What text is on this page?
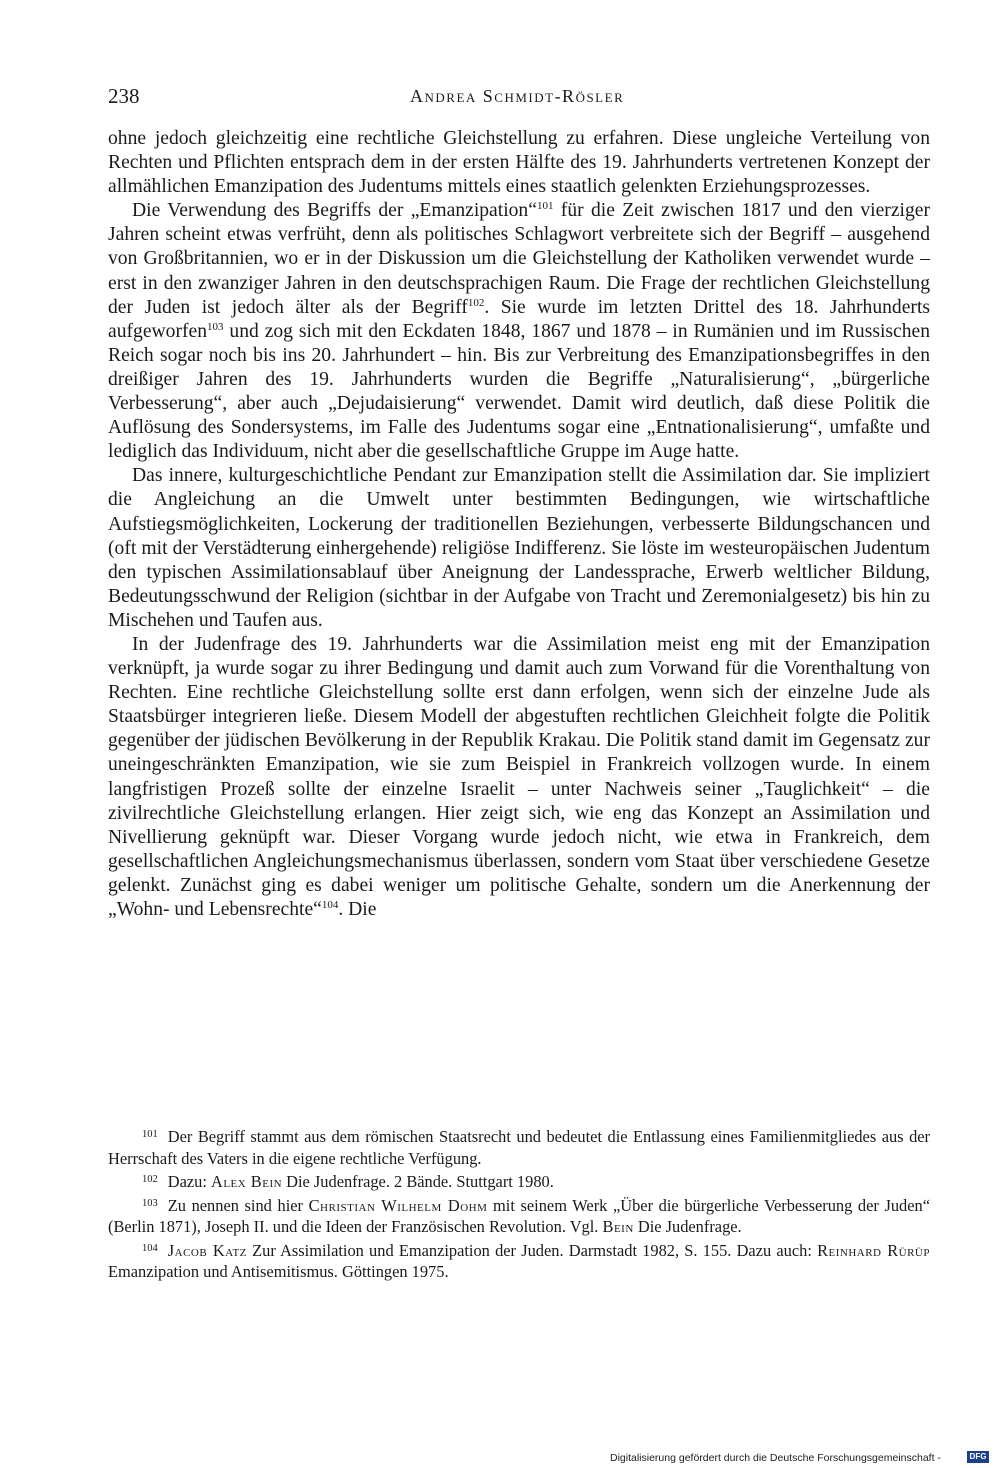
238	Andrea Schmidt-Rösler

ohne jedoch gleichzeitig eine rechtliche Gleichstellung zu erfahren. Diese ungleiche Verteilung von Rechten und Pflichten entsprach dem in der ersten Hälfte des 19. Jahrhunderts vertretenen Konzept der allmählichen Emanzipation des Judentums mittels eines staatlich gelenkten Erziehungsprozesses.

Die Verwendung des Begriffs der „Emanzipation“$^{101}$ für die Zeit zwischen 1817 und den vierziger Jahren scheint etwas verfrüht, denn als politisches Schlagwort verbreitete sich der Begriff – ausgehend von Großbritannien, wo er in der Diskussion um die Gleichstellung der Katholiken verwendet wurde – erst in den zwanziger Jahren in den deutschsprachigen Raum. Die Frage der rechtlichen Gleichstellung der Juden ist jedoch älter als der Begriff$^{102}$. Sie wurde im letzten Drittel des 18. Jahrhunderts aufgeworfen$^{103}$ und zog sich mit den Eckdaten 1848, 1867 und 1878 – in Rumänien und im Russischen Reich sogar noch bis ins 20. Jahrhundert – hin. Bis zur Verbreitung des Emanzipationsbegriffes in den dreißiger Jahren des 19. Jahrhunderts wurden die Begriffe „Naturalisierung“, „bürgerliche Verbesserung“, aber auch „Dejudaisierung“ verwendet. Damit wird deutlich, daß diese Politik die Auflösung des Sondersystems, im Falle des Judentums sogar eine „Entnationalisierung“, umfaßte und lediglich das Individuum, nicht aber die gesellschaftliche Gruppe im Auge hatte.

Das innere, kulturgeschichtliche Pendant zur Emanzipation stellt die Assimilation dar. Sie impliziert die Angleichung an die Umwelt unter bestimmten Bedingungen, wie wirtschaftliche Aufstiegsmöglichkeiten, Lockerung der traditionellen Beziehungen, verbesserte Bildungschancen und (oft mit der Verstädterung einhergehende) religiöse Indifferenz. Sie löste im westeuropäischen Judentum den typischen Assimilationsablauf über Aneignung der Landessprache, Erwerb weltlicher Bildung, Bedeutungsschwund der Religion (sichtbar in der Aufgabe von Tracht und Zeremonialgesetz) bis hin zu Mischehen und Taufen aus.

In der Judenfrage des 19. Jahrhunderts war die Assimilation meist eng mit der Emanzipation verknüpft, ja wurde sogar zu ihrer Bedingung und damit auch zum Vorwand für die Vorenthaltung von Rechten. Eine rechtliche Gleichstellung sollte erst dann erfolgen, wenn sich der einzelne Jude als Staatsbürger integrieren ließe. Diesem Modell der abgestuften rechtlichen Gleichheit folgte die Politik gegenüber der jüdischen Bevölkerung in der Republik Krakau. Die Politik stand damit im Gegensatz zur uneingeschränkten Emanzipation, wie sie zum Beispiel in Frankreich vollzogen wurde. In einem langfristigen Prozeß sollte der einzelne Israelit – unter Nachweis seiner „Tauglichkeit“ – die zivilrechtliche Gleichstellung erlangen. Hier zeigt sich, wie eng das Konzept an Assimilation und Nivellierung geknüpft war. Dieser Vorgang wurde jedoch nicht, wie etwa in Frankreich, dem gesellschaftlichen Angleichungsmechanismus überlassen, sondern vom Staat über verschiedene Gesetze gelenkt. Zunächst ging es dabei weniger um politische Gehalte, sondern um die Anerkennung der „Wohn- und Lebensrechte“$^{104}$. Die

$^{101}$ Der Begriff stammt aus dem römischen Staatsrecht und bedeutet die Entlassung eines Familienmitgliedes aus der Herrschaft des Vaters in die eigene rechtliche Verfügung.

$^{102}$ Dazu: Alex Bein Die Judenfrage. 2 Bände. Stuttgart 1980.

$^{103}$ Zu nennen sind hier Christian Wilhelm Dohm mit seinem Werk „Über die bürgerliche Verbesserung der Juden“ (Berlin 1871), Joseph II. und die Ideen der Französischen Revolution. Vgl. Bein Die Judenfrage.

$^{104}$ Jacob Katz Zur Assimilation und Emanzipation der Juden. Darmstadt 1982, S. 155. Dazu auch: Reinhard Rürüp Emanzipation und Antisemitismus. Göttingen 1975.

Digitalisierung gefördert durch die Deutsche Forschungsgemeinschaft -	DFG
